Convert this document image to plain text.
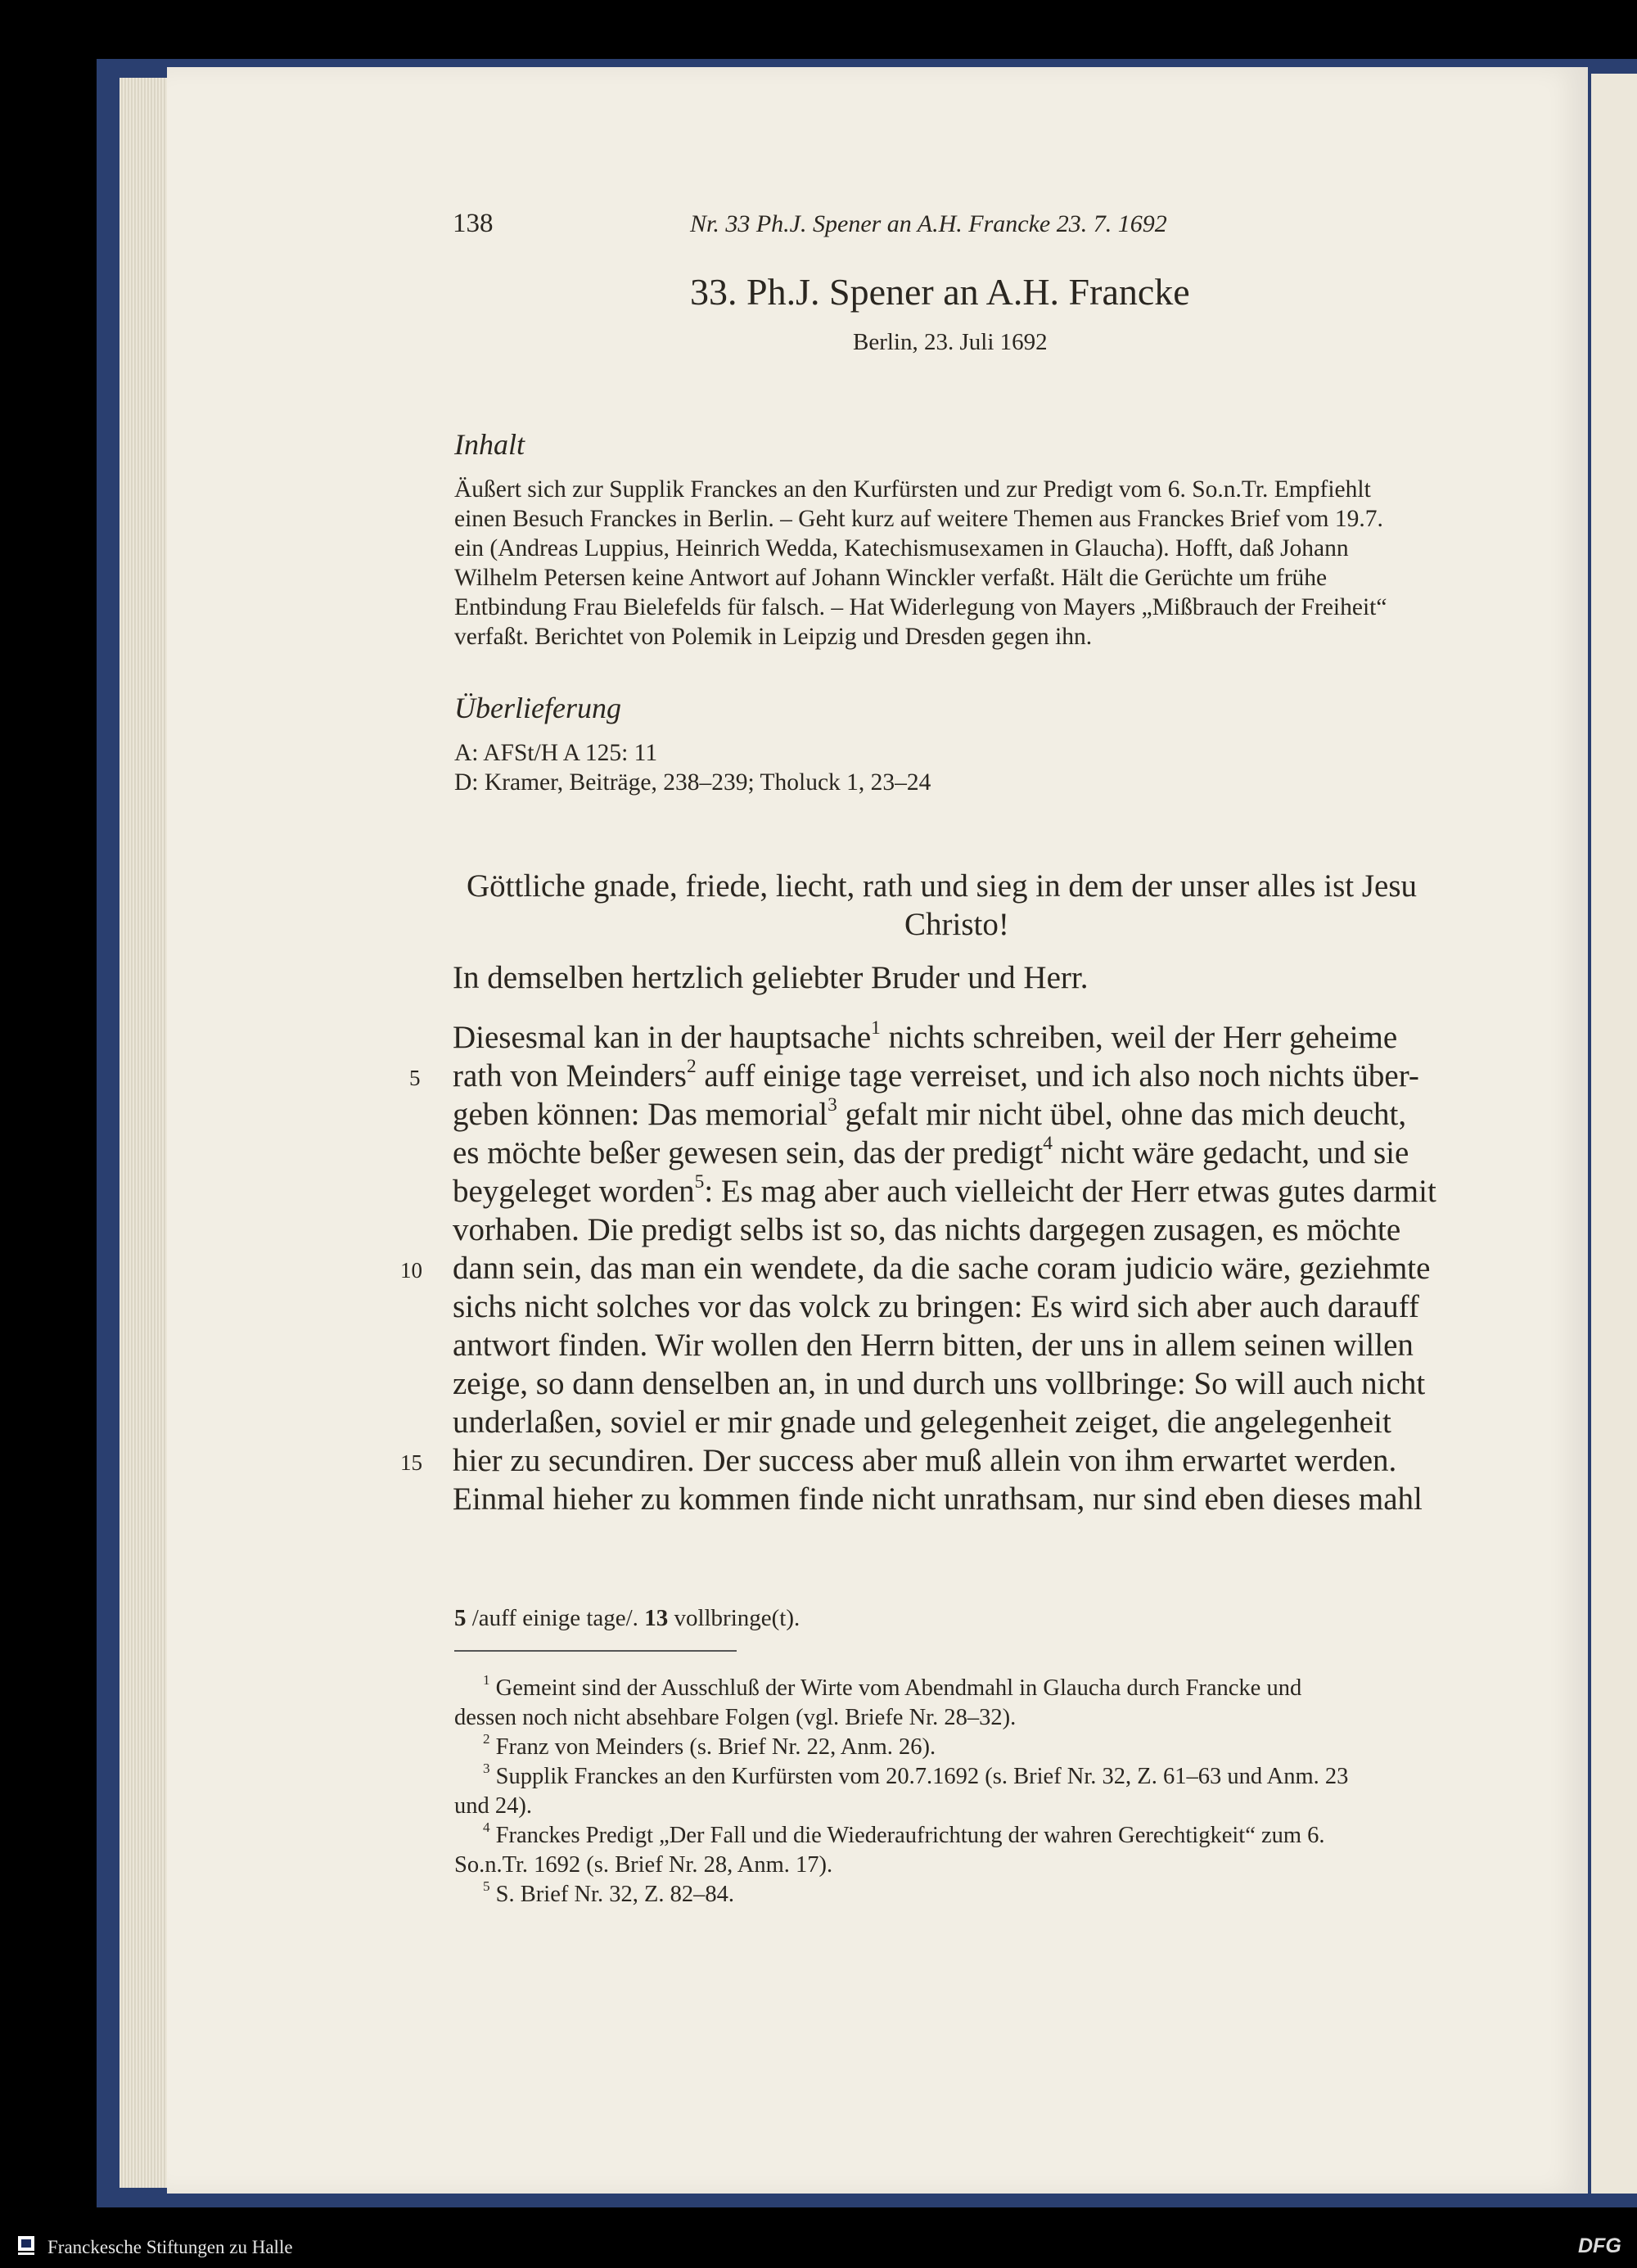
138	Nr. 33 Ph.J. Spener an A.H. Francke 23. 7. 1692
33. Ph.J. Spener an A.H. Francke
Berlin, 23. Juli 1692
Inhalt
Äußert sich zur Supplik Franckes an den Kurfürsten und zur Predigt vom 6. So.n.Tr. Empfiehlt
einen Besuch Franckes in Berlin. – Geht kurz auf weitere Themen aus Franckes Brief vom 19.7.
ein (Andreas Luppius, Heinrich Wedda, Katechismusexamen in Glaucha). Hofft, daß Johann
Wilhelm Petersen keine Antwort auf Johann Winckler verfaßt. Hält die Gerüchte um frühe
Entbindung Frau Bielefelds für falsch. – Hat Widerlegung von Mayers „Mißbrauch der Freiheit“
verfaßt. Berichtet von Polemik in Leipzig und Dresden gegen ihn.
Überlieferung
A: AFSt/H A 125: 11
D: Kramer, Beiträge, 238–239; Tholuck 1, 23–24
Göttliche gnade, friede, liecht, rath und sieg in dem der unser alles ist Jesu
Christo!
In demselben hertzlich geliebter Bruder und Herr.
Diesesmal kan in der hauptsache$^1$ nichts schreiben, weil der Herr geheime
rath von Meinders$^2$ auff einige tage verreiset, und ich also noch nichts über-
geben können: Das memorial$^3$ gefalt mir nicht übel, ohne das mich deucht,
es möchte beßer gewesen sein, das der predigt$^4$ nicht wäre gedacht, und sie
beygeleget worden$^5$: Es mag aber auch vielleicht der Herr etwas gutes darmit
vorhaben. Die predigt selbs ist so, das nichts dargegen zusagen, es möchte
dann sein, das man ein wendete, da die sache coram judicio wäre, geziehmte
sichs nicht solches vor das volck zu bringen: Es wird sich aber auch darauff
antwort finden. Wir wollen den Herrn bitten, der uns in allem seinen willen
zeige, so dann denselben an, in und durch uns vollbringe: So will auch nicht
underlaßen, soviel er mir gnade und gelegenheit zeiget, die angelegenheit
hier zu secundiren. Der success aber muß allein von ihm erwartet werden.
Einmal hieher zu kommen finde nicht unrathsam, nur sind eben dieses mahl
5
10
15
5 /auff einige tage/. 13 vollbringe(t).
$^1$ Gemeint sind der Ausschluß der Wirte vom Abendmahl in Glaucha durch Francke und
dessen noch nicht absehbare Folgen (vgl. Briefe Nr. 28–32).
$^2$ Franz von Meinders (s. Brief Nr. 22, Anm. 26).
$^3$ Supplik Franckes an den Kurfürsten vom 20.7.1692 (s. Brief Nr. 32, Z. 61–63 und Anm. 23
und 24).
$^4$ Franckes Predigt „Der Fall und die Wiederaufrichtung der wahren Gerechtigkeit“ zum 6.
So.n.Tr. 1692 (s. Brief Nr. 28, Anm. 17).
$^5$ S. Brief Nr. 32, Z. 82–84.
Franckesche Stiftungen zu Halle	DFG
